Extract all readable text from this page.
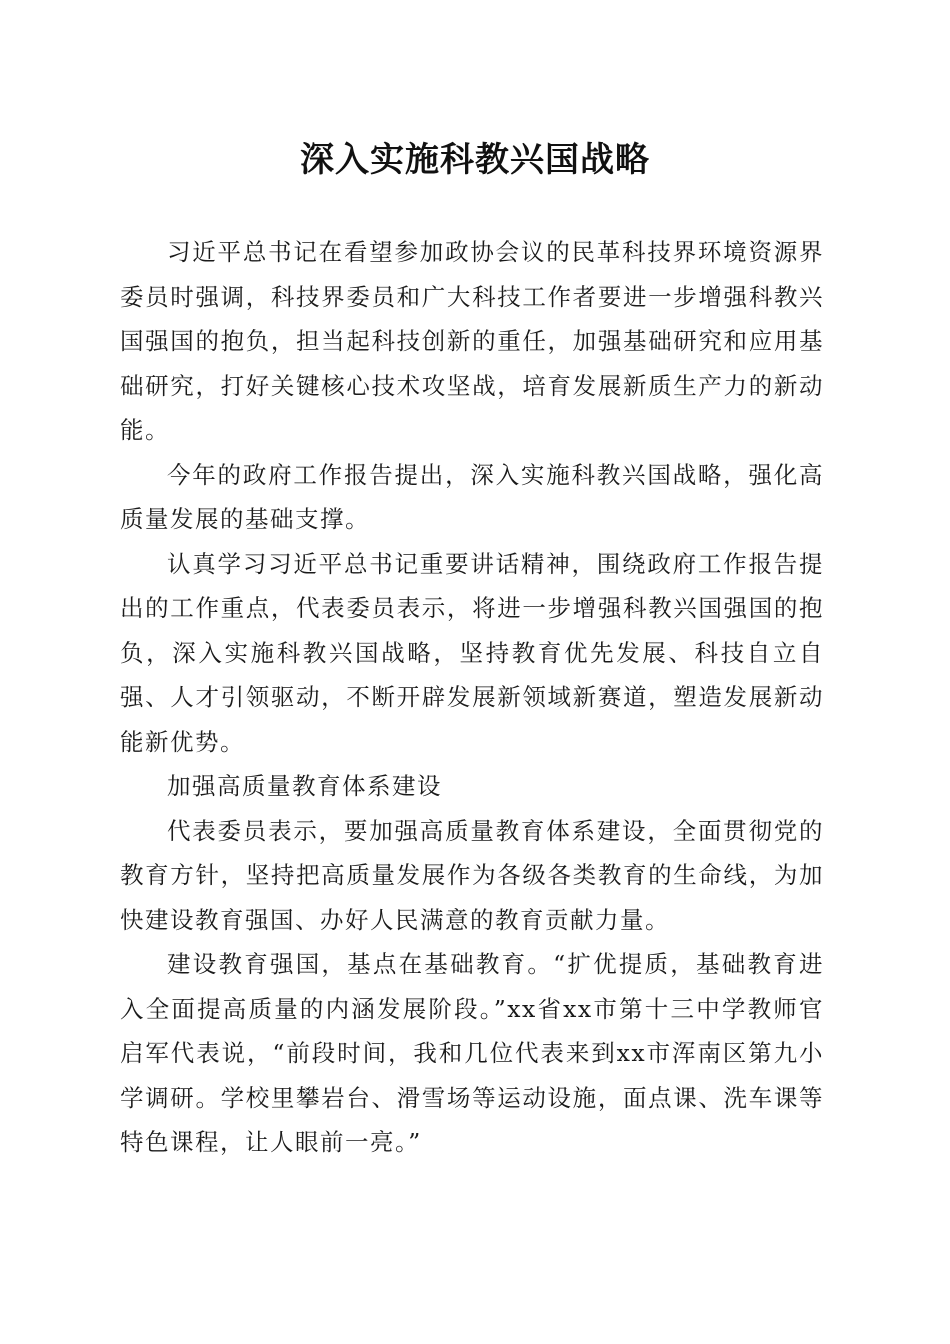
深入实施科教兴国战略

习近平总书记在看望参加政协会议的民革科技界环境资源界委员时强调，科技界委员和广大科技工作者要进一步增强科教兴国强国的抱负，担当起科技创新的重任，加强基础研究和应用基础研究，打好关键核心技术攻坚战，培育发展新质生产力的新动能。

今年的政府工作报告提出，深入实施科教兴国战略，强化高质量发展的基础支撑。

认真学习习近平总书记重要讲话精神，围绕政府工作报告提出的工作重点，代表委员表示，将进一步增强科教兴国强国的抱负，深入实施科教兴国战略，坚持教育优先发展、科技自立自强、人才引领驱动，不断开辟发展新领域新赛道，塑造发展新动能新优势。

加强高质量教育体系建设

代表委员表示，要加强高质量教育体系建设，全面贯彻党的教育方针，坚持把高质量发展作为各级各类教育的生命线，为加快建设教育强国、办好人民满意的教育贡献力量。

建设教育强国，基点在基础教育。“扩优提质，基础教育进入全面提高质量的内涵发展阶段。”xx省xx市第十三中学教师官启军代表说，“前段时间，我和几位代表来到xx市浑南区第九小学调研。学校里攀岩台、滑雪场等运动设施，面点课、洗车课等特色课程，让人眼前一亮。”
